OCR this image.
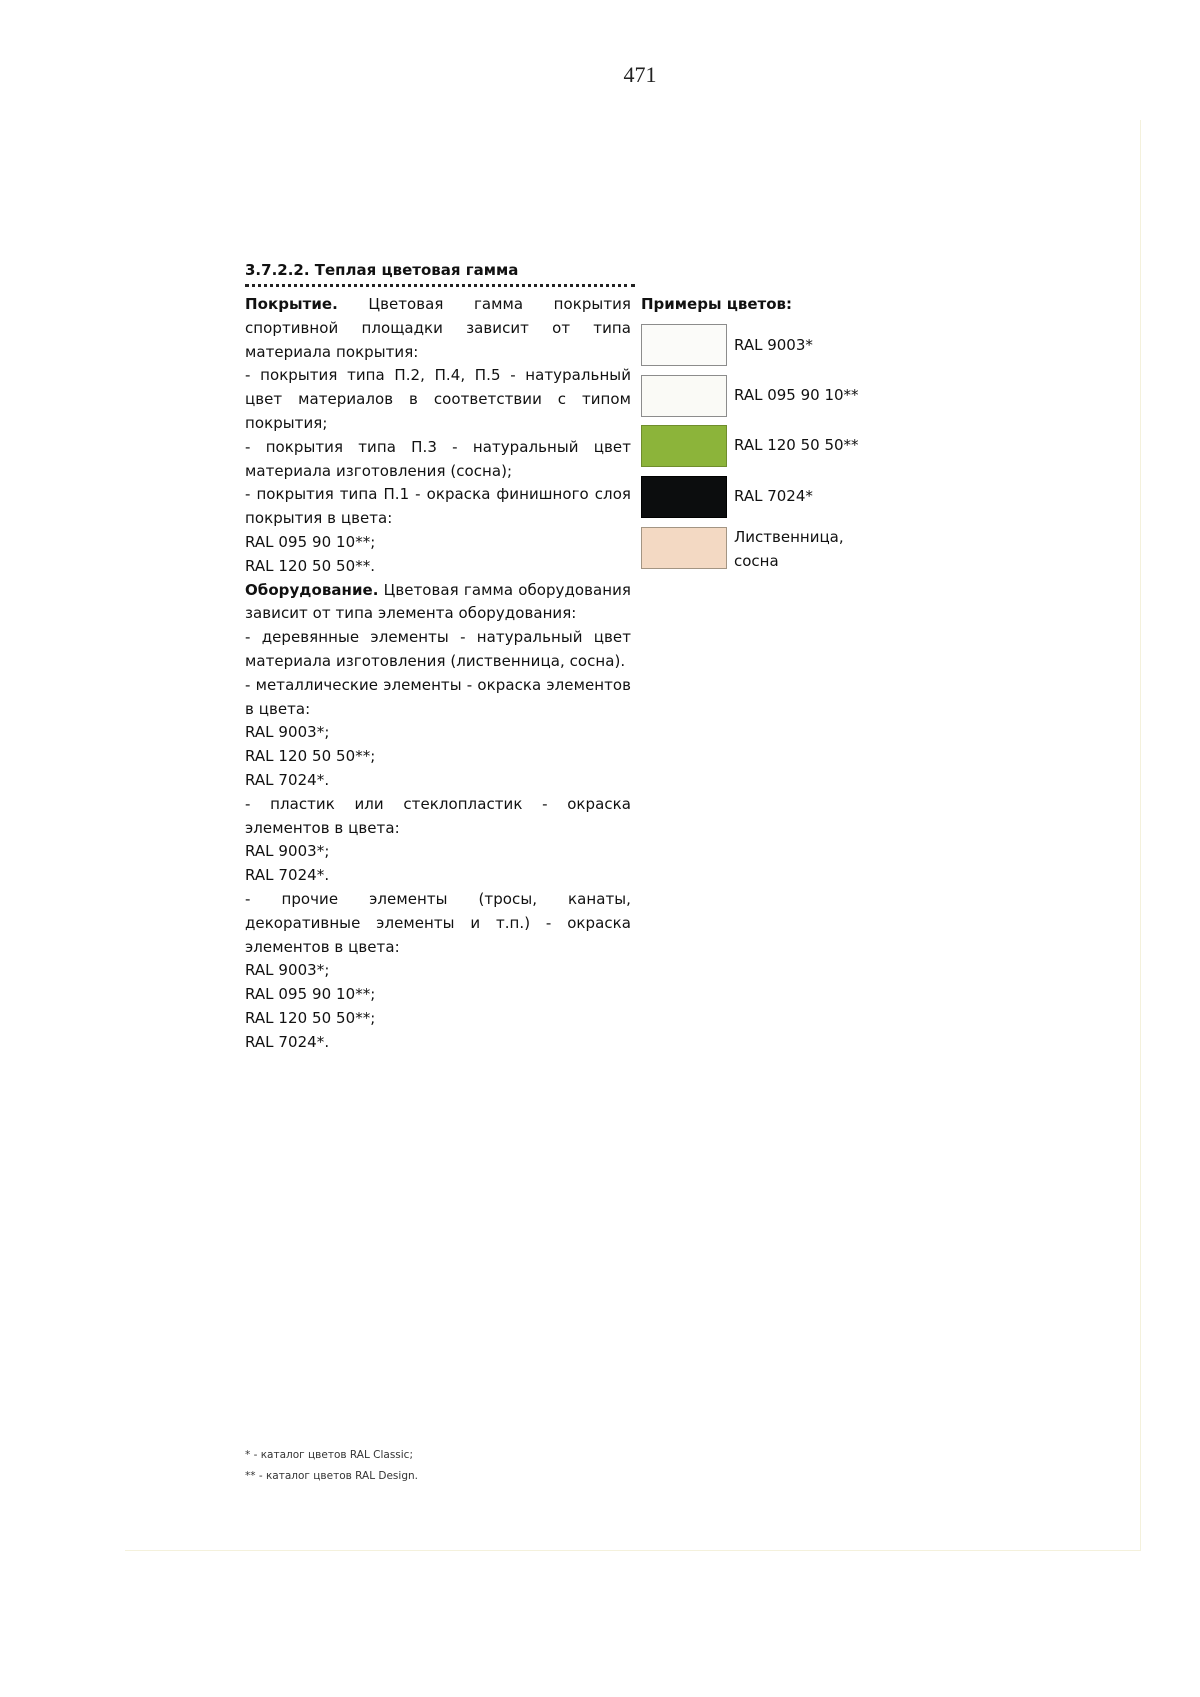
471
3.7.2.2. Теплая цветовая гамма

Покрытие. Цветовая гамма покрытия спортивной площадки зависит от типа материала покрытия:

- покрытия типа П.2, П.4, П.5 - натуральный цвет материалов в соответствии с типом покрытия;

- покрытия типа П.3 - натуральный цвет материала изготовления (сосна);

- покрытия типа П.1 - окраска финишного слоя покрытия в цвета:

RAL 095 90 10**;

RAL 120 50 50**.

Оборудование. Цветовая гамма оборудования зависит от типа элемента оборудования:

- деревянные элементы - натуральный цвет материала изготовления (лиственница, сосна).

- металлические элементы - окраска элементов в цвета:

RAL 9003*;

RAL 120 50 50**;

RAL 7024*.

- пластик или стеклопластик - окраска элементов в цвета:

RAL 9003*;

RAL 7024*.

- прочие элементы (тросы, канаты, декоративные элементы и т.п.) - окраска элементов в цвета:

RAL 9003*;

RAL 095 90 10**;

RAL 120 50 50**;

RAL 7024*.

Примеры цветов:
RAL 9003*
RAL 095 90 10**
RAL 120 50 50**
RAL 7024*
Лиственница, сосна

* - каталог цветов RAL Classic;

** - каталог цветов RAL Design.
